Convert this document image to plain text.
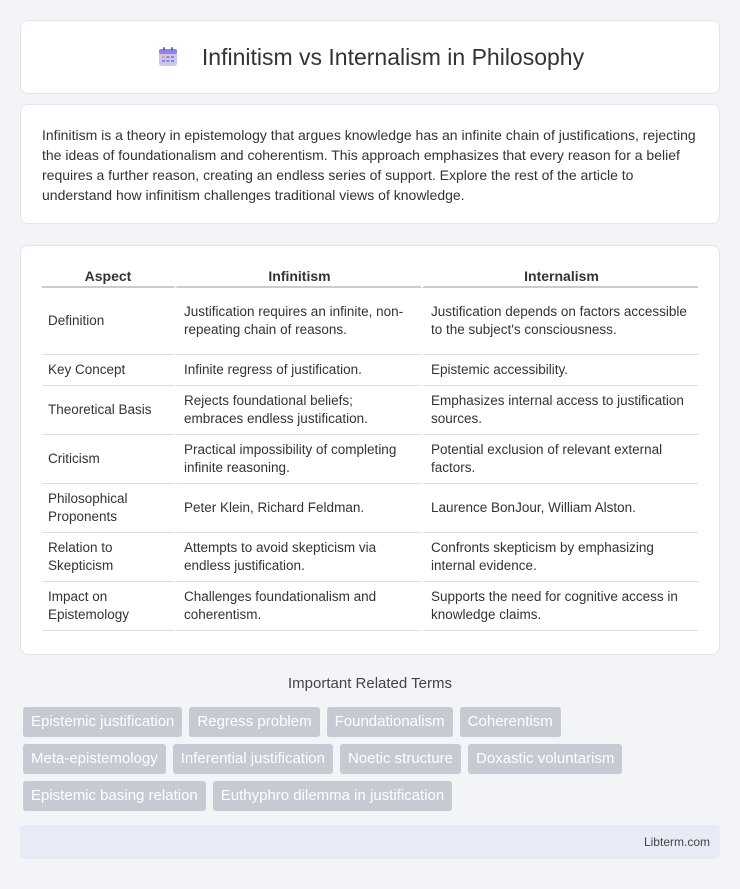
Infinitism vs Internalism in Philosophy

Infinitism is a theory in epistemology that argues knowledge has an infinite chain of justifications, rejecting the ideas of foundationalism and coherentism. This approach emphasizes that every reason for a belief requires a further reason, creating an endless series of support. Explore the rest of the article to understand how infinitism challenges traditional views of knowledge.

Aspect	Infinitism	Internalism
Definition	Justification requires an infinite, non-repeating chain of reasons.	Justification depends on factors accessible to the subject's consciousness.
Key Concept	Infinite regress of justification.	Epistemic accessibility.
Theoretical Basis	Rejects foundational beliefs; embraces endless justification.	Emphasizes internal access to justification sources.
Criticism	Practical impossibility of completing infinite reasoning.	Potential exclusion of relevant external factors.
Philosophical Proponents	Peter Klein, Richard Feldman.	Laurence BonJour, William Alston.
Relation to Skepticism	Attempts to avoid skepticism via endless justification.	Confronts skepticism by emphasizing internal evidence.
Impact on Epistemology	Challenges foundationalism and coherentism.	Supports the need for cognitive access in knowledge claims.
Important Related Terms
Epistemic justification	Regress problem	Foundationalism	Coherentism
Meta-epistemology	Inferential justification	Noetic structure	Doxastic voluntarism
Epistemic basing relation	Euthyphro dilemma in justification
Libterm.com
